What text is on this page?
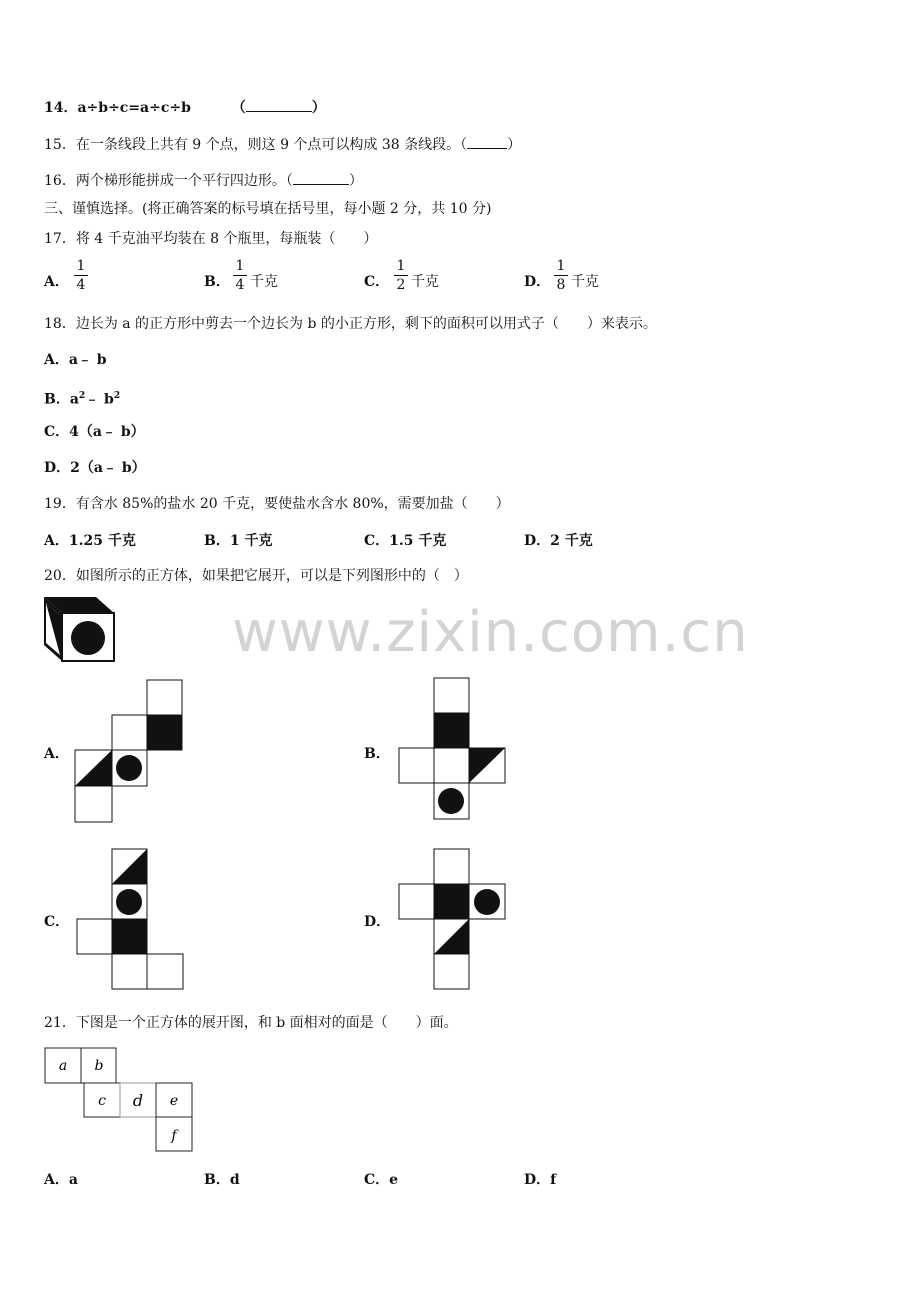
www.zixin.com.cn
14．a÷b÷c=a÷c÷b	（	）
15．在一条线段上共有 9 个点，则这 9 个点可以构成 38 条线段。（	）
16．两个梯形能拼成一个平行四边形。（	）
三、谨慎选择。(将正确答案的标号填在括号里，每小题 2 分，共 10 分)
17．将 4 千克油平均装在 8 个瓶里，每瓶装（　　）
A．
1
4	B．
1
4 千克	C．
1
2 千克	D．
1
8 千克
18．边长为 a 的正方形中剪去一个边长为 b 的小正方形，剩下的面积可以用式子（　　）来表示。
A．a﹣ b
B．$a^2﹣$ $b^2$
C．4（a﹣ b）
D．2（a﹣ b）
19．有含水 85%的盐水 20 千克，要使盐水含水 80%，需要加盐（　　）
A．1.25 千克	B．1 千克	C．1.5 千克	D．2 千克
20．如图所示的正方体，如果把它展开，可以是下列图形中的（　）
A．	B．
C．	D．
21．下图是一个正方体的展开图，和 b 面相对的面是（　　）面。
a b
c d e
f
A．a	B．d	C．e	D．f
